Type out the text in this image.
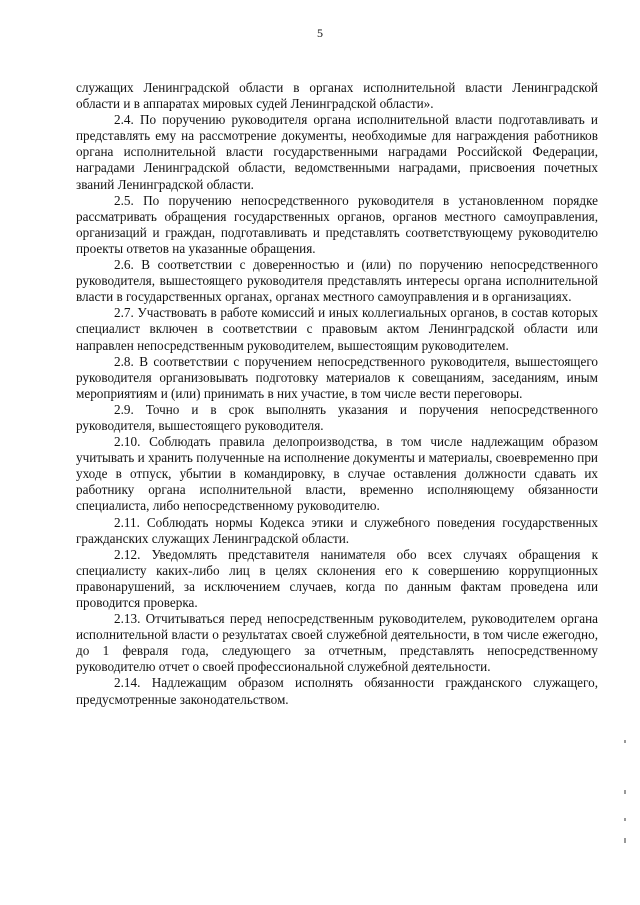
5

служащих Ленинградской области в органах исполнительной власти Ленинградской области и в аппаратах мировых судей Ленинградской области».

2.4. По поручению руководителя органа исполнительной власти подготавливать и представлять ему на рассмотрение документы, необходимые для награждения работников органа исполнительной власти государственными наградами Российской Федерации, наградами Ленинградской области, ведомственными наградами, присвоения почетных званий Ленинградской области.

2.5. По поручению непосредственного руководителя в установленном порядке рассматривать обращения государственных органов, органов местного самоуправления, организаций и граждан, подготавливать и представлять соответствующему руководителю проекты ответов на указанные обращения.

2.6. В соответствии с доверенностью и (или) по поручению непосредственного руководителя, вышестоящего руководителя представлять интересы органа исполнительной власти в государственных органах, органах местного самоуправления и в организациях.

2.7. Участвовать в работе комиссий и иных коллегиальных органов, в состав которых специалист включен в соответствии с правовым актом Ленинградской области или направлен непосредственным руководителем, вышестоящим руководителем.

2.8. В соответствии с поручением непосредственного руководителя, вышестоящего руководителя организовывать подготовку материалов к совещаниям, заседаниям, иным мероприятиям и (или) принимать в них участие, в том числе вести переговоры.

2.9. Точно и в срок выполнять указания и поручения непосредственного руководителя, вышестоящего руководителя.

2.10. Соблюдать правила делопроизводства, в том числе надлежащим образом учитывать и хранить полученные на исполнение документы и материалы, своевременно при уходе в отпуск, убытии в командировку, в случае оставления должности сдавать их работнику органа исполнительной власти, временно исполняющему обязанности специалиста, либо непосредственному руководителю.

2.11. Соблюдать нормы Кодекса этики и служебного поведения государственных гражданских служащих Ленинградской области.

2.12. Уведомлять представителя нанимателя обо всех случаях обращения к специалисту каких-либо лиц в целях склонения его к совершению коррупционных правонарушений, за исключением случаев, когда по данным фактам проведена или проводится проверка.

2.13. Отчитываться перед непосредственным руководителем, руководителем органа исполнительной власти о результатах своей служебной деятельности, в том числе ежегодно, до 1 февраля года, следующего за отчетным, представлять непосредственному руководителю отчет о своей профессиональной служебной деятельности.

2.14. Надлежащим образом исполнять обязанности гражданского служащего, предусмотренные законодательством.
